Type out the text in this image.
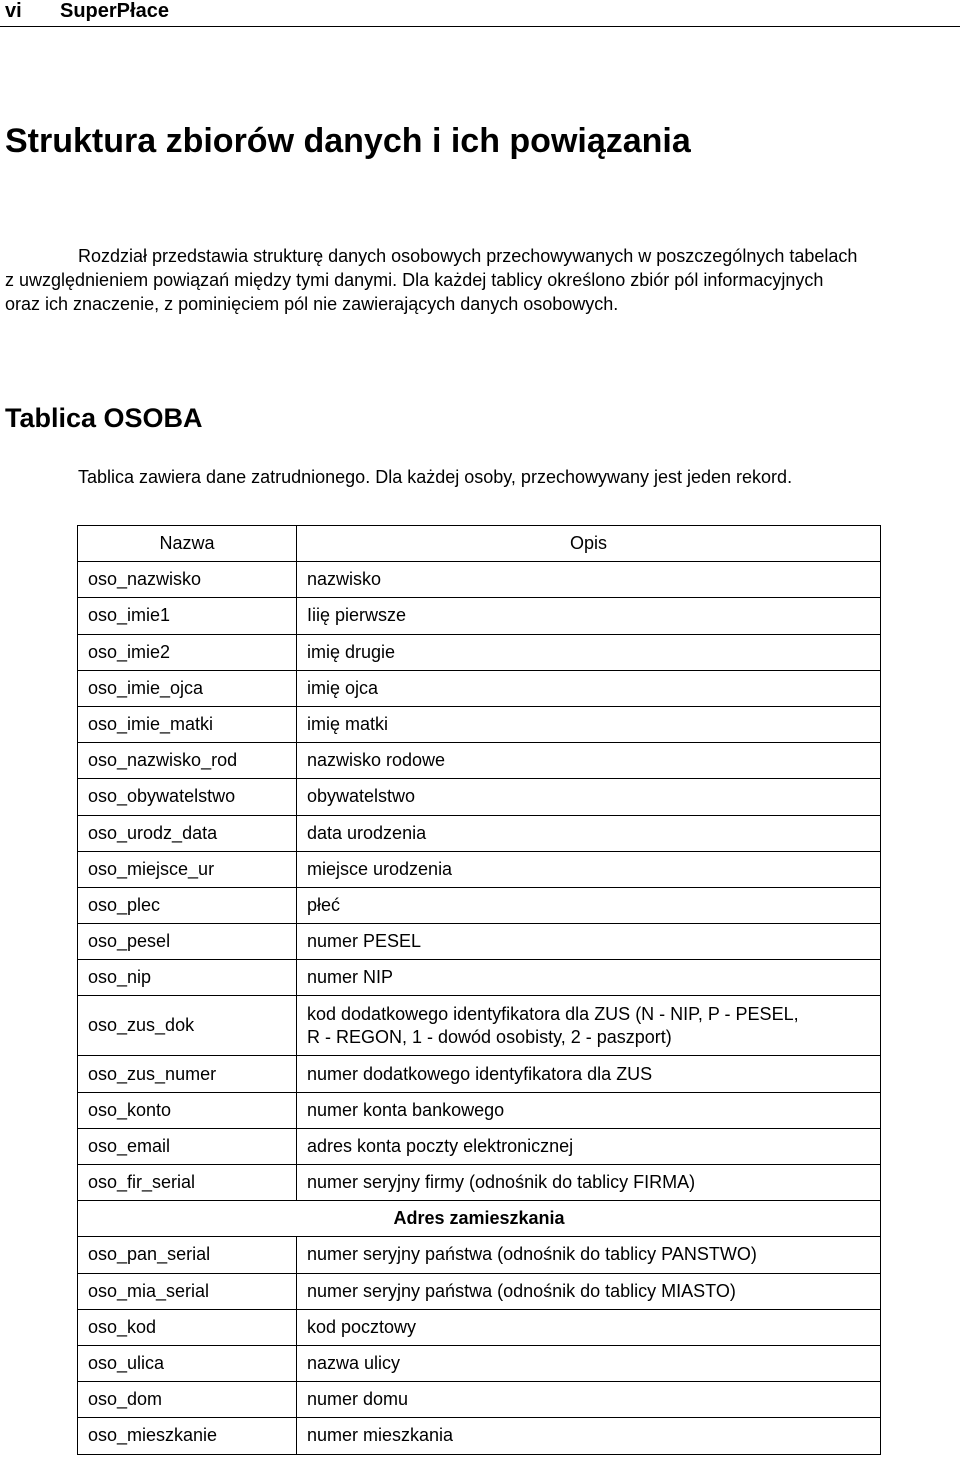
vi SuperPłace
Struktura zbiorów danych i ich powiązania
Rozdział przedstawia strukturę danych osobowych przechowywanych w poszczególnych tabelach
z uwzględnieniem powiązań między tymi danymi. Dla każdej tablicy określono zbiór pól informacyjnych
oraz ich znaczenie, z pominięciem pól nie zawierających danych osobowych.
Tablica OSOBA

Tablica zawiera dane zatrudnionego. Dla każdej osoby, przechowywany jest jeden rekord.

Nazwa	Opis
oso_nazwisko	nazwisko
oso_imie1	Iiię pierwsze
oso_imie2	imię drugie
oso_imie_ojca	imię ojca
oso_imie_matki	imię matki
oso_nazwisko_rod	nazwisko rodowe
oso_obywatelstwo	obywatelstwo
oso_urodz_data	data urodzenia
oso_miejsce_ur	miejsce urodzenia
oso_plec	płeć
oso_pesel	numer PESEL
oso_nip	numer NIP
oso_zus_dok	kod dodatkowego identyfikatora dla ZUS (N - NIP, P - PESEL,
R - REGON, 1 - dowód osobisty, 2 - paszport)

oso_zus_numer	numer dodatkowego identyfikatora dla ZUS
oso_konto	numer konta bankowego
oso_email	adres konta poczty elektronicznej
oso_fir_serial	numer seryjny firmy (odnośnik do tablicy FIRMA)
Adres zamieszkania	
oso_pan_serial	numer seryjny państwa (odnośnik do tablicy PANSTWO)
oso_mia_serial	numer seryjny państwa (odnośnik do tablicy MIASTO)
oso_kod	kod pocztowy
oso_ulica	nazwa ulicy
oso_dom	numer domu
oso_mieszkanie	numer mieszkania
